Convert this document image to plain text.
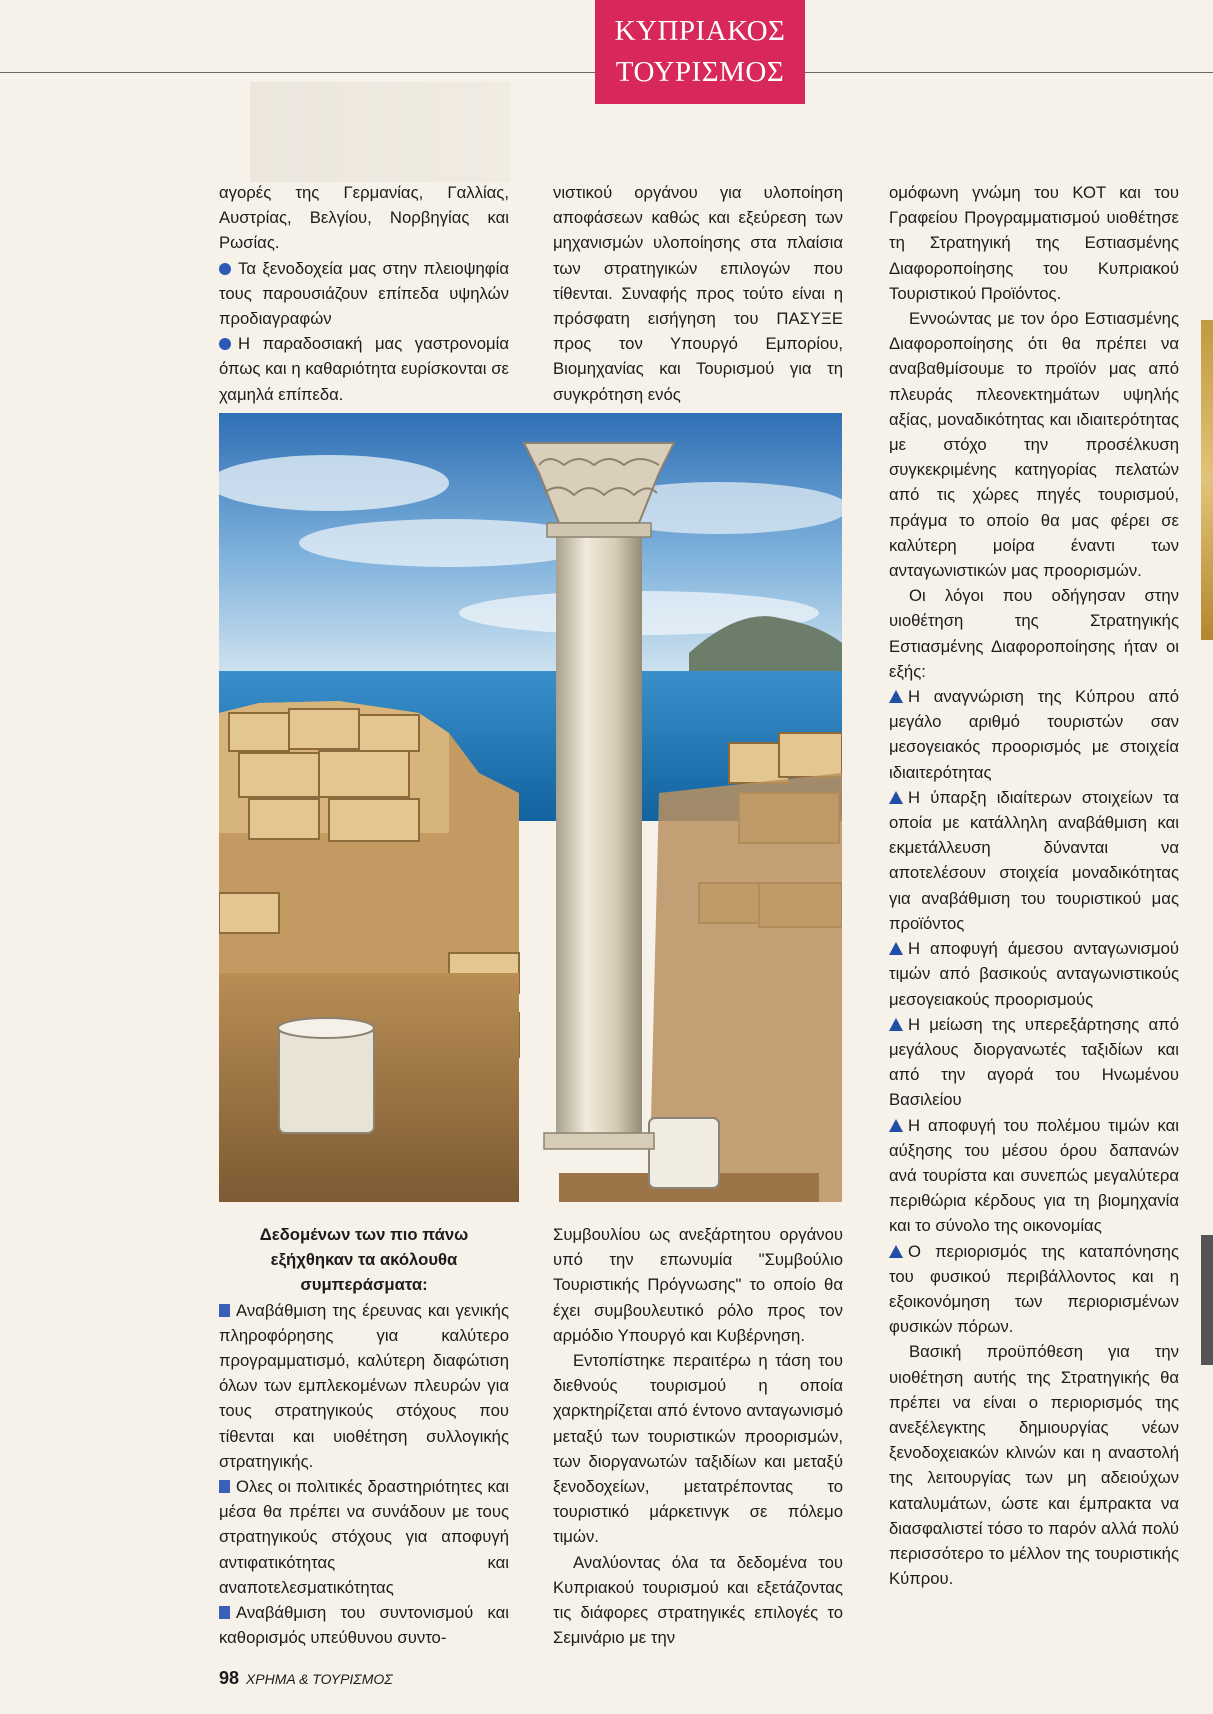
ΚΥΠΡΙΑΚΟΣ
ΤΟΥΡΙΣΜΟΣ

αγορές της Γερμανίας, Γαλλίας, Αυστρίας, Βελγίου, Νορβηγίας και Ρωσίας.

Τα ξενοδοχεία μας στην πλειοψηφία τους παρουσιάζουν επίπεδα υψηλών προδιαγραφών

Η παραδοσιακή μας γαστρονομία όπως και η καθαριότητα ευρίσκονται σε χαμηλά επίπεδα.

νιστικού οργάνου για υλοποίηση αποφάσεων καθώς και εξεύρεση των μηχανισμών υλοποίησης στα πλαίσια των στρατηγικών επιλογών που τίθενται. Συναφής προς τούτο είναι η πρόσφατη εισήγηση του ΠΑΣΥΞΕ προς τον Υπουργό Εμπορίου, Βιομηχανίας και Τουρισμού για τη συγκρότηση ενός

ομόφωνη γνώμη του ΚΟΤ και του Γραφείου Προγραμματισμού υιοθέτησε τη Στρατηγική της Εστιασμένης Διαφοροποίησης του Κυπριακού Τουριστικού Προϊόντος.

Εννοώντας με τον όρο Εστιασμένης Διαφοροποίησης ότι θα πρέπει να αναβαθμίσουμε το προϊόν μας από πλευράς πλεονεκτημάτων υψηλής αξίας, μοναδικότητας και ιδιαιτερότητας με στόχο την προσέλκυση συγκεκριμένης κατηγορίας πελατών από τις χώρες πηγές τουρισμού, πράγμα το οποίο θα μας φέρει σε καλύτερη μοίρα έναντι των ανταγωνιστικών μας προορισμών.

Οι λόγοι που οδήγησαν στην υιοθέτηση της Στρατηγικής Εστιασμένης Διαφοροποίησης ήταν οι εξής:

Η αναγνώριση της Κύπρου από μεγάλο αριθμό τουριστών σαν μεσογειακός προορισμός με στοιχεία ιδιαιτερότητας

Η ύπαρξη ιδιαίτερων στοιχείων τα οποία με κατάλληλη αναβάθμιση και εκμετάλλευση δύνανται να αποτελέσουν στοιχεία μοναδικότητας για αναβάθμιση του τουριστικού μας προϊόντος

Η αποφυγή άμεσου ανταγωνισμού τιμών από βασικούς ανταγωνιστικούς μεσογειακούς προορισμούς

Η μείωση της υπερεξάρτησης από μεγάλους διοργανωτές ταξιδίων και από την αγορά του Ηνωμένου Βασιλείου

Η αποφυγή του πολέμου τιμών και αύξησης του μέσου όρου δαπανών ανά τουρίστα και συνεπώς μεγαλύτερα περιθώρια κέρδους για τη βιομηχανία και το σύνολο της οικονομίας

Ο περιορισμός της καταπόνησης του φυσικού περιβάλλοντος και η εξοικονόμηση των περιορισμένων φυσικών πόρων.

Βασική προϋπόθεση για την υιοθέτηση αυτής της Στρατηγικής θα πρέπει να είναι ο περιορισμός της ανεξέλεγκτης δημιουργίας νέων ξενοδοχειακών κλινών και η αναστολή της λειτουργίας των μη αδειούχων καταλυμάτων, ώστε και έμπρακτα να διασφαλιστεί τόσο το παρόν αλλά πολύ περισσότερο το μέλλον της τουριστικής Κύπρου.

Δεδομένων των πιο πάνω εξήχθηκαν τα ακόλουθα συμπεράσματα:

Αναβάθμιση της έρευνας και γενικής πληροφόρησης για καλύτερο προγραμματισμό, καλύτερη διαφώτιση όλων των εμπλεκομένων πλευρών για τους στρατηγικούς στόχους που τίθενται και υιοθέτηση συλλογικής στρατηγικής.

Ολες οι πολιτικές δραστηριότητες και μέσα θα πρέπει να συνάδουν με τους στρατηγικούς στόχους για αποφυγή αντιφατικότητας και αναποτελεσματικότητας

Αναβάθμιση του συντονισμού και καθορισμός υπεύθυνου συντο-

Συμβουλίου ως ανεξάρτητου οργάνου υπό την επωνυμία "Συμβούλιο Τουριστικής Πρόγνωσης" το οποίο θα έχει συμβουλευτικό ρόλο προς τον αρμόδιο Υπουργό και Κυβέρνηση.

Εντοπίστηκε περαιτέρω η τάση του διεθνούς τουρισμού η οποία χαρκτηρίζεται από έντονο ανταγωνισμό μεταξύ των τουριστικών προορισμών, των διοργανωτών ταξιδίων και μεταξύ ξενοδοχείων, μετατρέποντας το τουριστικό μάρκετινγκ σε πόλεμο τιμών.

Αναλύοντας όλα τα δεδομένα του Κυπριακού τουρισμού και εξετάζοντας τις διάφορες στρατηγικές επιλογές το Σεμινάριο με την

98 ΧΡΗΜΑ & ΤΟΥΡΙΣΜΟΣ
